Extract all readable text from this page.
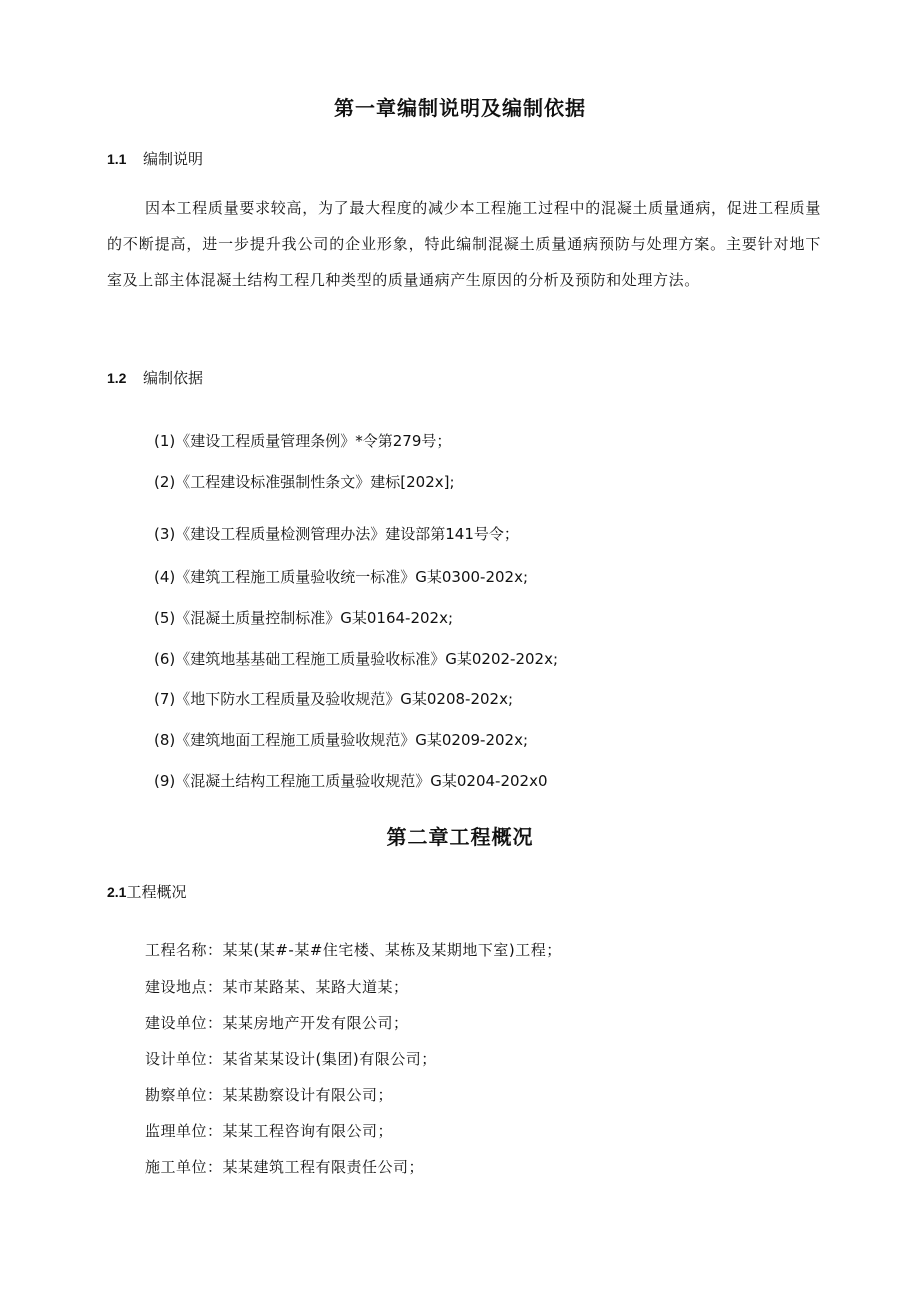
第一章编制说明及编制依据
1.1 编制说明
因本工程质量要求较高，为了最大程度的减少本工程施工过程中的混凝土质量通病，促进工程质量的不断提高，进一步提升我公司的企业形象，特此编制混凝土质量通病预防与处理方案。主要针对地下室及上部主体混凝土结构工程几种类型的质量通病产生原因的分析及预防和处理方法。
1.2 编制依据
(1)《建设工程质量管理条例》*令第279号；
(2)《工程建设标准强制性条文》建标[202x];
(3)《建设工程质量检测管理办法》建设部第141号令；
(4)《建筑工程施工质量验收统一标准》G某0300-202x;
(5)《混凝土质量控制标准》G某0164-202x;
(6)《建筑地基基础工程施工质量验收标准》G某0202-202x;
(7)《地下防水工程质量及验收规范》G某0208-202x;
(8)《建筑地面工程施工质量验收规范》G某0209-202x;
(9)《混凝土结构工程施工质量验收规范》G某0204-202x0
第二章工程概况
2.1工程概况
工程名称：某某(某#-某#住宅楼、某栋及某期地下室)工程；
建设地点：某市某路某、某路大道某；
建设单位：某某房地产开发有限公司；
设计单位：某省某某设计(集团)有限公司；
勘察单位：某某勘察设计有限公司；
监理单位：某某工程咨询有限公司；
施工单位：某某建筑工程有限责任公司；
